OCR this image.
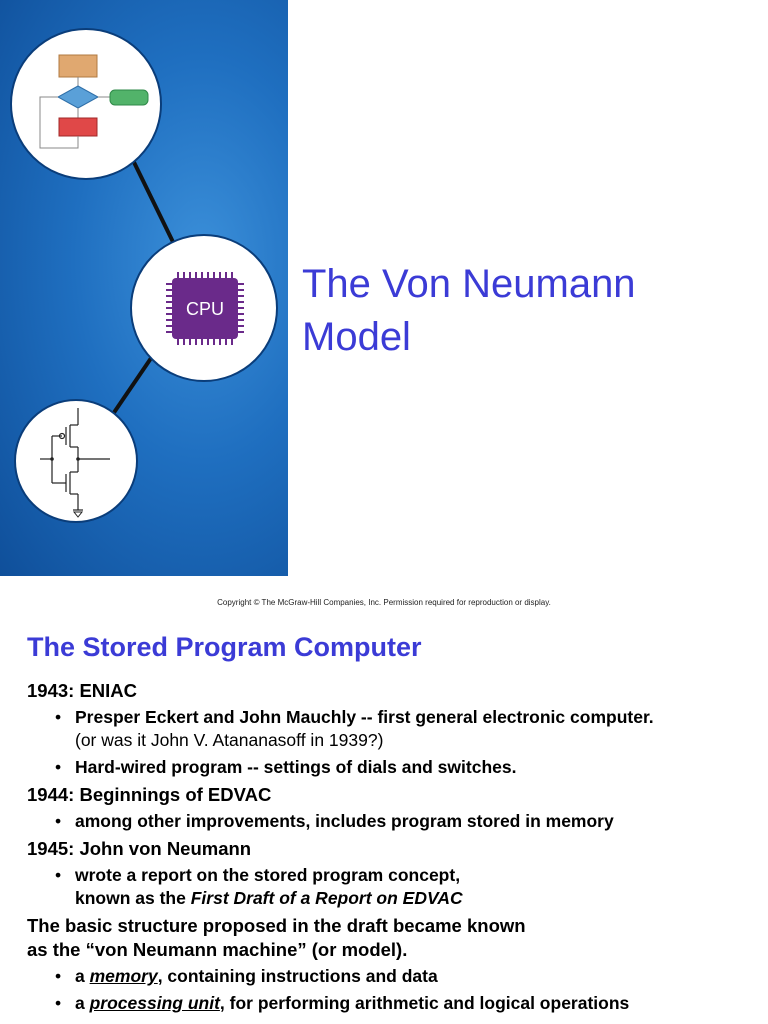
CPU
The Von Neumann
Model
Copyright © The McGraw-Hill Companies, Inc. Permission required for reproduction or display.
The Stored Program Computer
1943: ENIAC
• Presper Eckert and John Mauchly -- first general electronic computer.
(or was it John V. Atananasoff in 1939?)
• Hard-wired program -- settings of dials and switches.
1944: Beginnings of EDVAC
• among other improvements, includes program stored in memory
1945: John von Neumann
• wrote a report on the stored program concept,
known as the First Draft of a Report on EDVAC
The basic structure proposed in the draft became known
as the “von Neumann machine” (or model).
• a memory, containing instructions and data
• a processing unit, for performing arithmetic and logical operations
